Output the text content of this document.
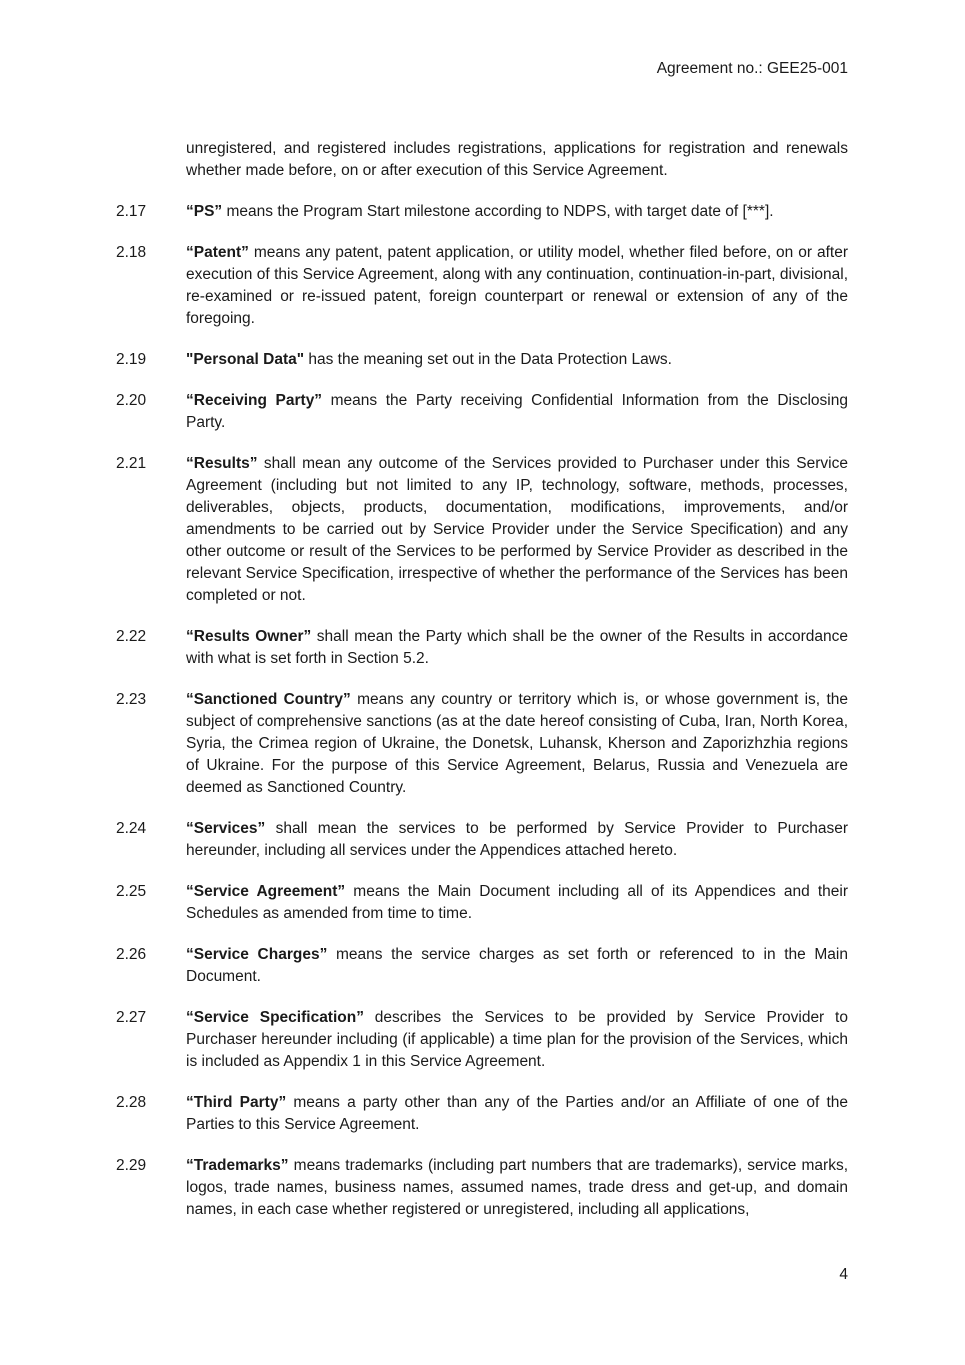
Agreement no.: GEE25-001
unregistered, and registered includes registrations, applications for registration and renewals whether made before, on or after execution of this Service Agreement.
2.17	“PS” means the Program Start milestone according to NDPS, with target date of [***].
2.18	“Patent” means any patent, patent application, or utility model, whether filed before, on or after execution of this Service Agreement, along with any continuation, continuation-in-part, divisional, re-examined or re-issued patent, foreign counterpart or renewal or extension of any of the foregoing.
2.19	"Personal Data" has the meaning set out in the Data Protection Laws.
2.20	“Receiving Party” means the Party receiving Confidential Information from the Disclosing Party.
2.21	“Results” shall mean any outcome of the Services provided to Purchaser under this Service Agreement (including but not limited to any IP, technology, software, methods, processes, deliverables, objects, products, documentation, modifications, improvements, and/or amendments to be carried out by Service Provider under the Service Specification) and any other outcome or result of the Services to be performed by Service Provider as described in the relevant Service Specification, irrespective of whether the performance of the Services has been completed or not.
2.22	“Results Owner” shall mean the Party which shall be the owner of the Results in accordance with what is set forth in Section 5.2.
2.23	“Sanctioned Country” means any country or territory which is, or whose government is, the subject of comprehensive sanctions (as at the date hereof consisting of Cuba, Iran, North Korea, Syria, the Crimea region of Ukraine, the Donetsk, Luhansk, Kherson and Zaporizhzhia regions of Ukraine. For the purpose of this Service Agreement, Belarus, Russia and Venezuela are deemed as Sanctioned Country.
2.24	“Services” shall mean the services to be performed by Service Provider to Purchaser hereunder, including all services under the Appendices attached hereto.
2.25	“Service Agreement” means the Main Document including all of its Appendices and their Schedules as amended from time to time.
2.26	“Service Charges” means the service charges as set forth or referenced to in the Main Document.
2.27	“Service Specification” describes the Services to be provided by Service Provider to Purchaser hereunder including (if applicable) a time plan for the provision of the Services, which is included as Appendix 1 in this Service Agreement.
2.28	“Third Party” means a party other than any of the Parties and/or an Affiliate of one of the Parties to this Service Agreement.
2.29	“Trademarks” means trademarks (including part numbers that are trademarks), service marks, logos, trade names, business names, assumed names, trade dress and get-up, and domain names, in each case whether registered or unregistered, including all applications,
4
